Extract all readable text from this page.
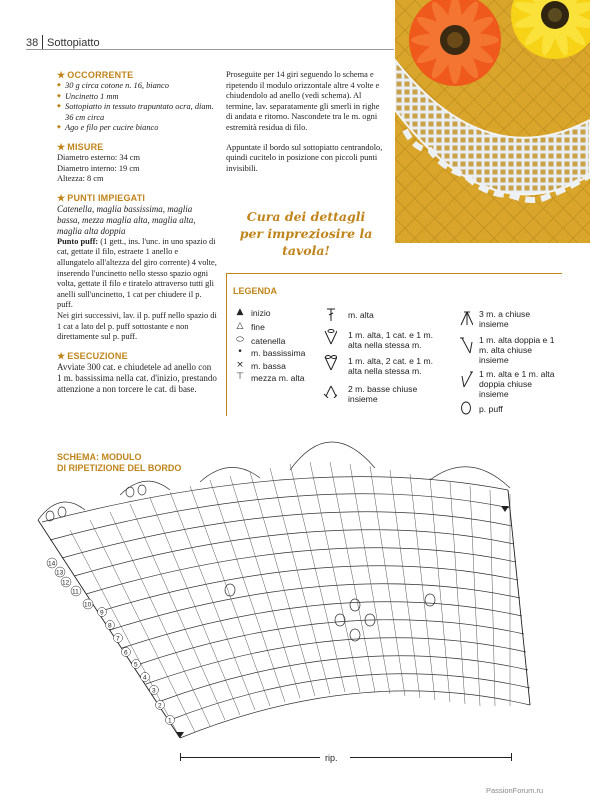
38 Sottopiatto
★ OCCORRENTE
◆ 30 g circa cotone n. 16, bianco
◆ Uncinetto 1 mm
◆ Sottopiatto in tessuto trapuntato ocra, diam. 36 cm circa
◆ Ago e filo per cucire bianco
★ MISURE
Diametro esterno: 34 cm
Diametro interno: 19 cm
Altezza: 8 cm
★ PUNTI IMPIEGATI
Catenella, maglia bassissima, maglia bassa, mezza maglia alta, maglia alta, maglia alta doppia
Punto puff: (1 gett., ins. l'unc. in uno spazio di cat, gettate il filo, estraete 1 anello e allungatelo all'altezza del giro corrente) 4 volte, inserendo l'uncinetto nello stesso spazio ogni volta, gettate il filo e tiratelo attraverso tutti gli anelli sull'uncinetto, 1 cat per chiudere il p. puff.
Nei giri successivi, lav. il p. puff nello spazio di 1 cat a lato del p. puff sottostante e non direttamente sul p. puff.
★ ESECUZIONE
Avviate 300 cat. e chiudetele ad anello con 1 m. bassissima nella cat. d'inizio, prestando attenzione a non torcere le cat. di base.

Proseguite per 14 giri seguendo lo schema e ripetendo il modulo orizzontale altre 4 volte e chiudendolo ad anello (vedi schema). Al termine, lav. separatamente gli smerli in righe di andata e ritorno. Nascondete tra le m. ogni estremità residua di filo.

Appuntate il bordo sul sottopiatto centrandolo, quindi cucitelo in posizione con piccoli punti invisibili.

Cura dei dettagli
per impreziosire la tavola!
LEGENDA
▲ inizio
△ fine
⬭ catenella
• m. bassissima
× m. bassa
⊤ mezza m. alta
m. alta
1 m. alta, 1 cat. e 1 m. alta nella stessa m.
1 m. alta, 2 cat. e 1 m. alta nella stessa m.
2 m. basse chiuse insieme
3 m. a chiuse insieme
1 m. alta doppia e 1 m. alta chiuse insieme
1 m. alta e 1 m. alta doppia chiuse insieme
p. puff
SCHEMA: MODULO
DI RIPETIZIONE DEL BORDO
1
2
3
4
5
6
7
8
9
10
11
12
13
14
rip.
PassionForum.ru
